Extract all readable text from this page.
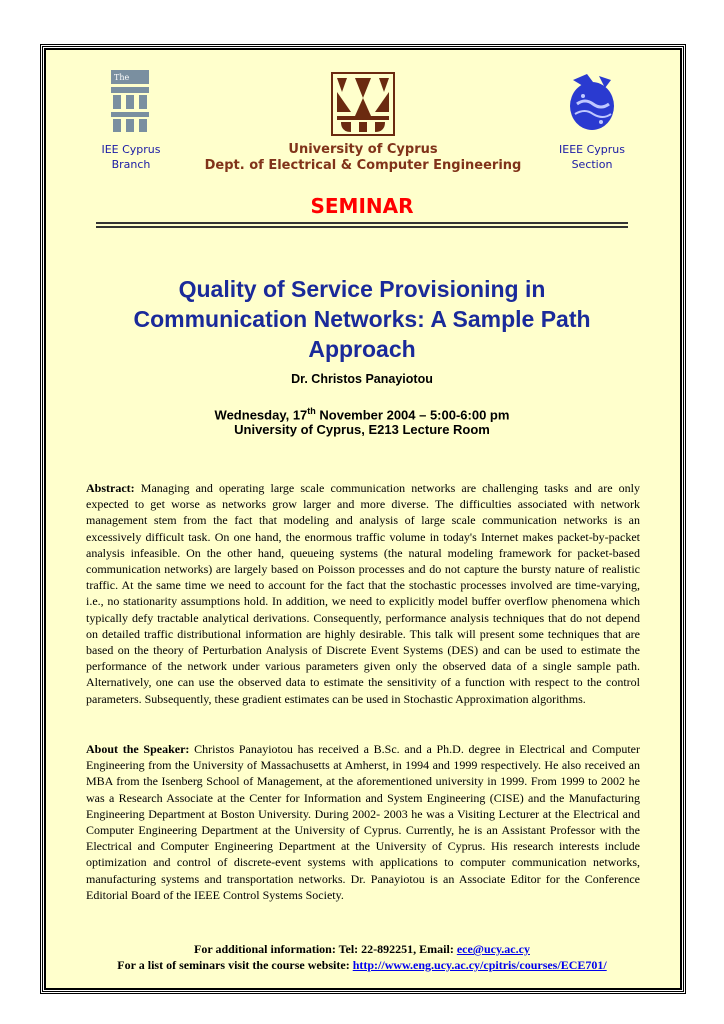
The
IEE Cyprus
Branch
University of Cyprus
Dept. of Electrical & Computer Engineering
IEEE Cyprus
Section
SEMINAR
Quality of Service Provisioning in
Communication Networks: A Sample Path
Approach
Dr. Christos Panayiotou
Wednesday, 17th November 2004 – 5:00-6:00 pm
University of Cyprus, E213 Lecture Room
Abstract: Managing and operating large scale communication networks are challenging tasks and are only expected to get worse as networks grow larger and more diverse. The difficulties associated with network management stem from the fact that modeling and analysis of large scale communication networks is an excessively difficult task. On one hand, the enormous traffic volume in today's Internet makes packet-by-packet analysis infeasible. On the other hand, queueing systems (the natural modeling framework for packet-based communication networks) are largely based on Poisson processes and do not capture the bursty nature of realistic traffic. At the same time we need to account for the fact that the stochastic processes involved are time-varying, i.e., no stationarity assumptions hold. In addition, we need to explicitly model buffer overflow phenomena which typically defy tractable analytical derivations. Consequently, performance analysis techniques that do not depend on detailed traffic distributional information are highly desirable. This talk will present some techniques that are based on the theory of Perturbation Analysis of Discrete Event Systems (DES) and can be used to estimate the performance of the network under various parameters given only the observed data of a single sample path. Alternatively, one can use the observed data to estimate the sensitivity of a function with respect to the control parameters. Subsequently, these gradient estimates can be used in Stochastic Approximation algorithms.
About the Speaker: Christos Panayiotou has received a B.Sc. and a Ph.D. degree in Electrical and Computer Engineering from the University of Massachusetts at Amherst, in 1994 and 1999 respectively. He also received an MBA from the Isenberg School of Management, at the aforementioned university in 1999. From 1999 to 2002 he was a Research Associate at the Center for Information and System Engineering (CISE) and the Manufacturing Engineering Department at Boston University. During 2002- 2003 he was a Visiting Lecturer at the Electrical and Computer Engineering Department at the University of Cyprus. Currently, he is an Assistant Professor with the Electrical and Computer Engineering Department at the University of Cyprus. His research interests include optimization and control of discrete-event systems with applications to computer communication networks, manufacturing systems and transportation networks. Dr. Panayiotou is an Associate Editor for the Conference Editorial Board of the IEEE Control Systems Society.
For additional information: Tel: 22-892251, Email: ece@ucy.ac.cy
For a list of seminars visit the course website: http://www.eng.ucy.ac.cy/cpitris/courses/ECE701/
